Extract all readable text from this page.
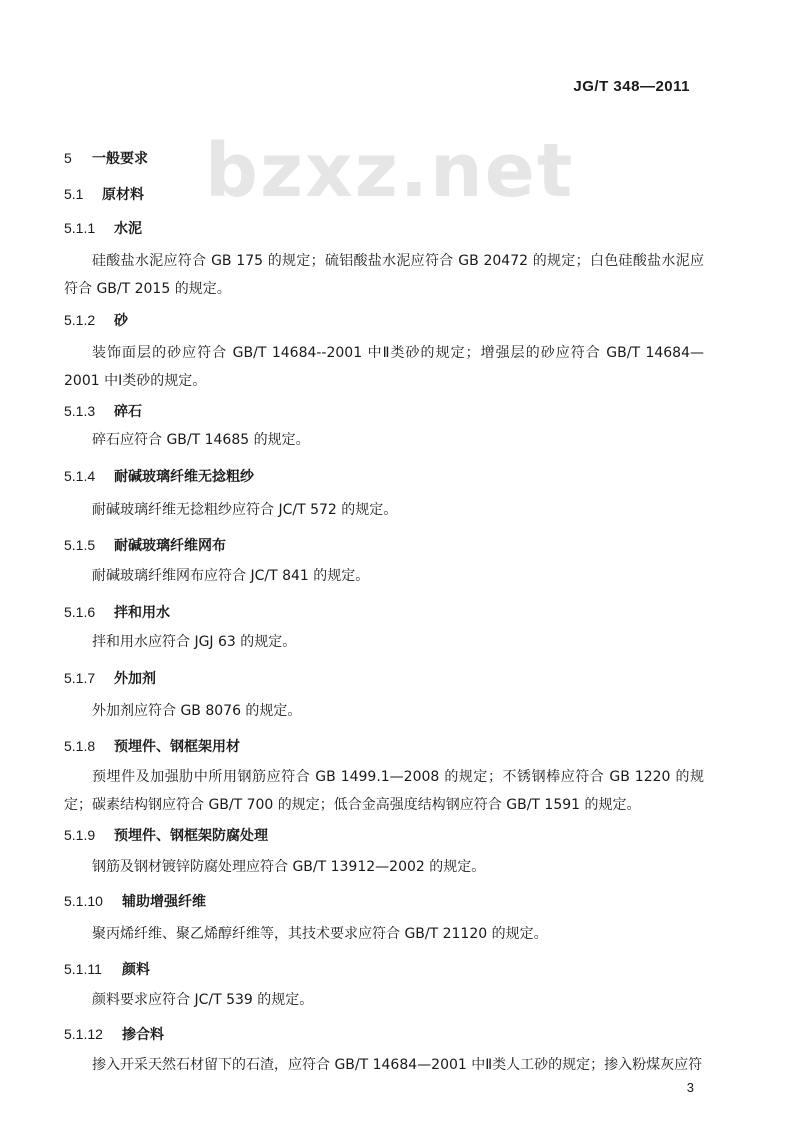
JG/T 348—2011
bzxz.net
5 一般要求
5.1 原材料
5.1.1 水泥
硅酸盐水泥应符合 GB 175 的规定；硫铝酸盐水泥应符合 GB 20472 的规定；白色硅酸盐水泥应符合 GB/T 2015 的规定。
5.1.2 砂
装饰面层的砂应符合 GB/T 14684--2001 中Ⅱ类砂的规定；增强层的砂应符合 GB/T 14684—2001 中Ⅰ类砂的规定。
5.1.3 碎石
碎石应符合 GB/T 14685 的规定。
5.1.4 耐碱玻璃纤维无捻粗纱
耐碱玻璃纤维无捻粗纱应符合 JC/T 572 的规定。
5.1.5 耐碱玻璃纤维网布
耐碱玻璃纤维网布应符合 JC/T 841 的规定。
5.1.6 拌和用水
拌和用水应符合 JGJ 63 的规定。
5.1.7 外加剂
外加剂应符合 GB 8076 的规定。
5.1.8 预埋件、钢框架用材
预埋件及加强肋中所用钢筋应符合 GB 1499.1—2008 的规定；不锈钢棒应符合 GB 1220 的规定；碳素结构钢应符合 GB/T 700 的规定；低合金高强度结构钢应符合 GB/T 1591 的规定。
5.1.9 预埋件、钢框架防腐处理
钢筋及钢材镀锌防腐处理应符合 GB/T 13912—2002 的规定。
5.1.10 辅助增强纤维
聚丙烯纤维、聚乙烯醇纤维等，其技术要求应符合 GB/T 21120 的规定。
5.1.11 颜料
颜料要求应符合 JC/T 539 的规定。
5.1.12 掺合料
掺入开采天然石材留下的石渣，应符合 GB/T 14684—2001 中Ⅱ类人工砂的规定；掺入粉煤灰应符
3
